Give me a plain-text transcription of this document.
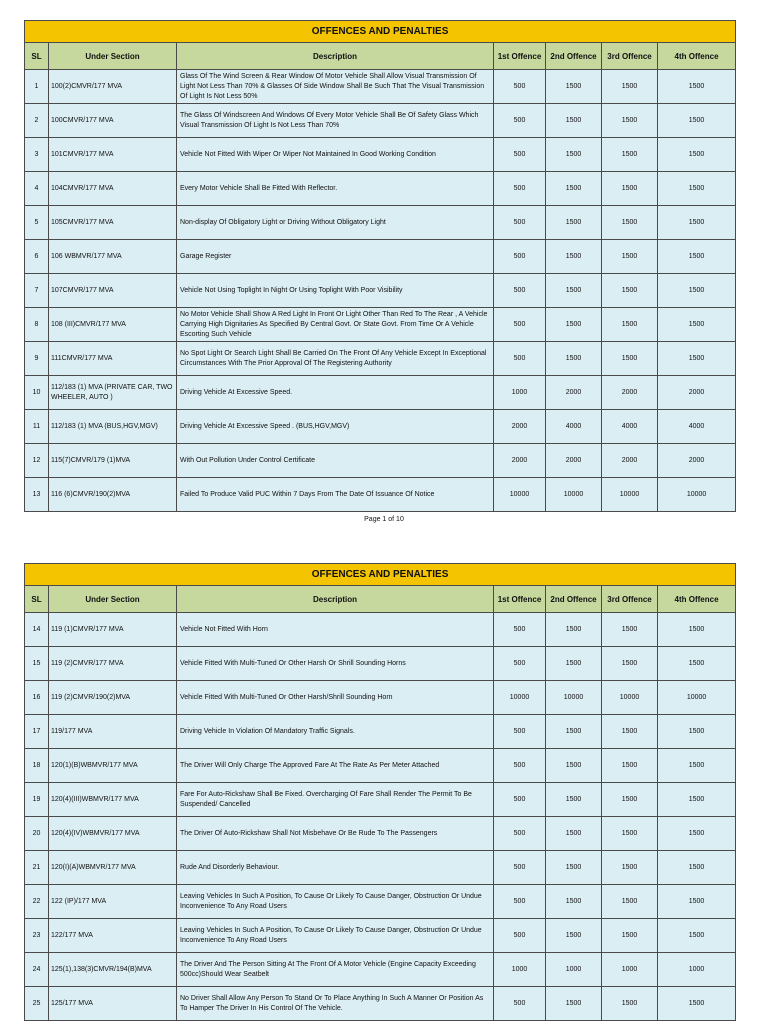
OFFENCES AND PENALTIES						
SL	Under Section	Description	1st Offence	2nd Offence	3rd Offence	4th Offence
1	100(2)CMVR/177 MVA	Glass Of The Wind Screen & Rear Window Of Motor Vehicle Shall Allow Visual Transmission Of Light Not Less Than 70% & Glasses Of Side Window Shall Be Such That The Visual Transmission Of Light Is Not Less 50%	500	1500	1500	1500
2	100CMVR/177 MVA	The Glass Of Windscreen And Windows Of Every Motor Vehicle Shall Be Of Safety Glass Which Visual Transmission Of Light Is Not Less Than 70%	500	1500	1500	1500
3	101CMVR/177 MVA	Vehicle Not Fitted With Wiper Or Wiper Not Maintained In Good Working Condition	500	1500	1500	1500
4	104CMVR/177 MVA	Every Motor Vehicle Shall Be Fitted With Reflector.	500	1500	1500	1500
5	105CMVR/177 MVA	Non-display Of Obligatory Light or Driving Without Obligatory Light	500	1500	1500	1500
6	106 WBMVR/177 MVA	Garage Register	500	1500	1500	1500
7	107CMVR/177 MVA	Vehicle Not Using Toplight In Night Or Using Toplight With Poor Visibility	500	1500	1500	1500
8	108 (III)CMVR/177 MVA	No Motor Vehicle Shall Show A Red Light In Front Or Light Other Than Red To The Rear , A Vehicle Carrying High Dignitaries As Specified By Central Govt. Or State Govt. From Time Or A Vehicle Escorting Such Vehicle	500	1500	1500	1500
9	111CMVR/177 MVA	No Spot Light Or Search Light Shall Be Carried On The Front Of Any Vehicle Except In Exceptional Circumstances With The Prior Approval Of The Registering Authority	500	1500	1500	1500
10	112/183 (1) MVA (PRIVATE CAR, TWO WHEELER, AUTO )	Driving Vehicle At Excessive Speed.	1000	2000	2000	2000
11	112/183 (1) MVA (BUS,HGV,MGV)	Driving Vehicle At Excessive Speed . (BUS,HGV,MGV)	2000	4000	4000	4000
12	115(7)CMVR/179 (1)MVA	With Out Pollution Under Control Certificate	2000	2000	2000	2000
13	116 (6)CMVR/190(2)MVA	Failed To Produce Valid PUC Within 7 Days From The Date Of Issuance Of Notice	10000	10000	10000	10000
Page 1 of 10
OFFENCES AND PENALTIES						
SL	Under Section	Description	1st Offence	2nd Offence	3rd Offence	4th Offence
14	119 (1)CMVR/177 MVA	Vehicle Not Fitted With Horn	500	1500	1500	1500
15	119 (2)CMVR/177 MVA	Vehicle Fitted With Multi-Tuned Or Other Harsh Or Shrill Sounding Horns	500	1500	1500	1500
16	119 (2)CMVR/190(2)MVA	Vehicle Fitted With Multi-Tuned Or Other Harsh/Shrill Sounding Horn	10000	10000	10000	10000
17	119/177 MVA	Driving Vehicle In Violation Of Mandatory Traffic Signals.	500	1500	1500	1500
18	120(1)(B)WBMVR/177 MVA	The Driver Will Only Charge The Approved Fare At The Rate As Per Meter Attached	500	1500	1500	1500
19	120(4)(III)WBMVR/177 MVA	Fare For Auto-Rickshaw Shall Be Fixed. Overcharging Of Fare Shall Render The Permit To Be Suspended/ Cancelled	500	1500	1500	1500
20	120(4)(IV)WBMVR/177 MVA	The Driver Of Auto-Rickshaw Shall Not Misbehave Or Be Rude To The Passengers	500	1500	1500	1500
21	120(I)(A)WBMVR/177 MVA	Rude And Disorderly Behaviour.	500	1500	1500	1500
22	122 (IP)/177 MVA	Leaving Vehicles In Such A Position, To Cause Or Likely To Cause Danger, Obstruction Or Undue Inconvenience To Any Road Users	500	1500	1500	1500
23	122/177 MVA	Leaving Vehicles In Such A Position, To Cause Or Likely To Cause Danger, Obstruction Or Undue Inconvenience To Any Road Users	500	1500	1500	1500
24	125(1),138(3)CMVR/194(B)MVA	The Driver And The Person Sitting At The Front Of A Motor Vehicle (Engine Capacity Exceeding 500cc)Should Wear Seatbelt	1000	1000	1000	1000
25	125/177 MVA	No Driver Shall Allow Any Person To Stand Or To Place Anything In Such A Manner Or Position As To Hamper The Driver In His Control Of The Vehicle.	500	1500	1500	1500
